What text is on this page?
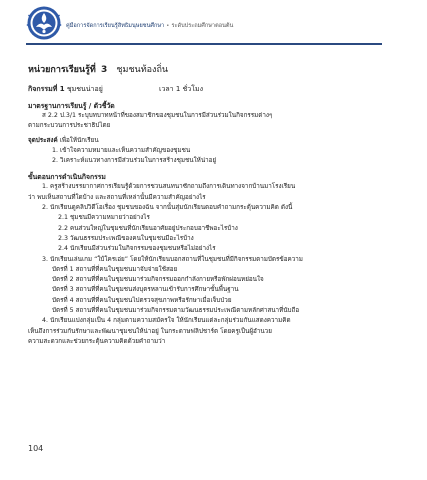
คู่มือการจัดการเรียนรู้สิทธิมนุษยชนศึกษา • ระดับประถมศึกษาตอนต้น
หน่วยการเรียนรู้ที่ 3 ชุมชนท้องถิ่น
กิจกรรมที่ 1 ชุมชนน่าอยู่	เวลา 1 ชั่วโมง
มาตรฐานการเรียนรู้ / ตัวชี้วัด
ส 2.2 ป.3/1 ระบุบทบาทหน้าที่ของสมาชิกของชุมชนในการมีส่วนร่วมในกิจกรรมต่างๆ
ตามกระบวนการประชาธิปไตย
จุดประสงค์ เพื่อให้นักเรียน
1. เข้าใจความหมายและเห็นความสำคัญของชุมชน
2. วิเคราะห์แนวทางการมีส่วนร่วมในการสร้างชุมชนให้น่าอยู่
ขั้นตอนการดำเนินกิจกรรม
1. ครูสร้างบรรยากาศการเรียนรู้ด้วยการชวนสนทนาซักถามถึงการเดินทางจากบ้านมาโรงเรียน
ว่า พบเห็นสถานที่ใดบ้าง และสถานที่เหล่านั้นมีความสำคัญอย่างไร
2. นักเรียนดูคลิปวิดีโอเรื่อง ชุมชนของฉัน จากนั้นสุ่มนักเรียนตอบคำถามกระตุ้นความคิด ดังนี้
2.1 ชุมชนมีความหมายว่าอย่างไร
2.2 คนส่วนใหญ่ในชุมชนที่นักเรียนอาศัยอยู่ประกอบอาชีพอะไรบ้าง
2.3 วัฒนธรรมประเพณีของคนในชุมชนมีอะไรบ้าง
2.4 นักเรียนมีส่วนร่วมในกิจกรรมของชุมชนหรือไม่อย่างไร
3. นักเรียนเล่นเกม “ใบ้ใครเอ่ย” โดยให้นักเรียนบอกสถานที่ในชุมชนที่มีกิจกรรมตามบัตรข้อความ
บัตรที่ 1 สถานที่ที่คนในชุมชนมาจับจ่ายใช้สอย
บัตรที่ 2 สถานที่ที่คนในชุมชนมาร่วมกิจกรรมออกกำลังกายหรือพักผ่อนหย่อนใจ
บัตรที่ 3 สถานที่ที่คนในชุมชนส่งบุตรหลานเข้ารับการศึกษาขั้นพื้นฐาน
บัตรที่ 4 สถานที่ที่คนในชุมชนไปตรวจสุขภาพหรือรักษาเมื่อเจ็บป่วย
บัตรที่ 5 สถานที่ที่คนในชุมชนมาร่วมกิจกรรมตามวัฒนธรรมประเพณีตามหลักศาสนาที่นับถือ
4. นักเรียนแบ่งกลุ่มเป็น 4 กลุ่มตามความสมัครใจ ให้นักเรียนแต่ละกลุ่มร่วมกันแสดงความคิด
เห็นถึงการร่วมกันรักษาและพัฒนาชุมชนให้น่าอยู่ ในกระดาษฟลิปชาร์ต โดยครูเป็นผู้อำนวย
ความสะดวกและช่วยกระตุ้นความคิดด้วยคำถามว่า
104
